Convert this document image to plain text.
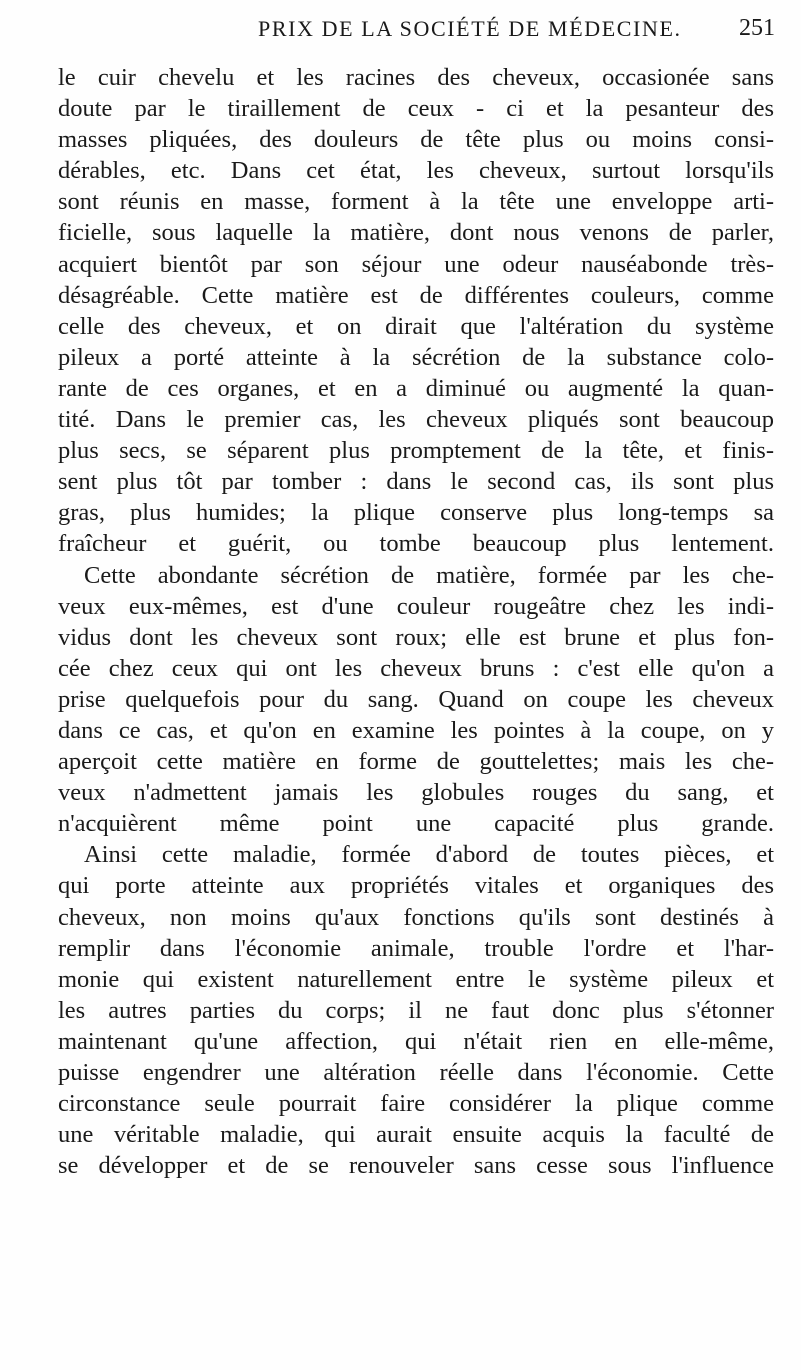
PRIX DE LA SOCIÉTÉ DE MÉDECINE. 251
le cuir chevelu et les racines des cheveux, occasionée sans
doute par le tiraillement de ceux - ci et la pesanteur des
masses pliquées, des douleurs de tête plus ou moins consi-
dérables, etc. Dans cet état, les cheveux, surtout lorsqu'ils
sont réunis en masse, forment à la tête une enveloppe arti-
ficielle, sous laquelle la matière, dont nous venons de parler,
acquiert bientôt par son séjour une odeur nauséabonde très-
désagréable. Cette matière est de différentes couleurs, comme
celle des cheveux, et on dirait que l'altération du système
pileux a porté atteinte à la sécrétion de la substance colo-
rante de ces organes, et en a diminué ou augmenté la quan-
tité. Dans le premier cas, les cheveux pliqués sont beaucoup
plus secs, se séparent plus promptement de la tête, et finis-
sent plus tôt par tomber : dans le second cas, ils sont plus
gras, plus humides; la plique conserve plus long-temps sa
fraîcheur et guérit, ou tombe beaucoup plus lentement.
Cette abondante sécrétion de matière, formée par les che-
veux eux-mêmes, est d'une couleur rougeâtre chez les indi-
vidus dont les cheveux sont roux; elle est brune et plus fon-
cée chez ceux qui ont les cheveux bruns : c'est elle qu'on a
prise quelquefois pour du sang. Quand on coupe les cheveux
dans ce cas, et qu'on en examine les pointes à la coupe, on y
aperçoit cette matière en forme de gouttelettes; mais les che-
veux n'admettent jamais les globules rouges du sang, et
n'acquièrent même point une capacité plus grande.
Ainsi cette maladie, formée d'abord de toutes pièces, et
qui porte atteinte aux propriétés vitales et organiques des
cheveux, non moins qu'aux fonctions qu'ils sont destinés à
remplir dans l'économie animale, trouble l'ordre et l'har-
monie qui existent naturellement entre le système pileux et
les autres parties du corps; il ne faut donc plus s'étonner
maintenant qu'une affection, qui n'était rien en elle-même,
puisse engendrer une altération réelle dans l'économie. Cette
circonstance seule pourrait faire considérer la plique comme
une véritable maladie, qui aurait ensuite acquis la faculté de
se développer et de se renouveler sans cesse sous l'influence
